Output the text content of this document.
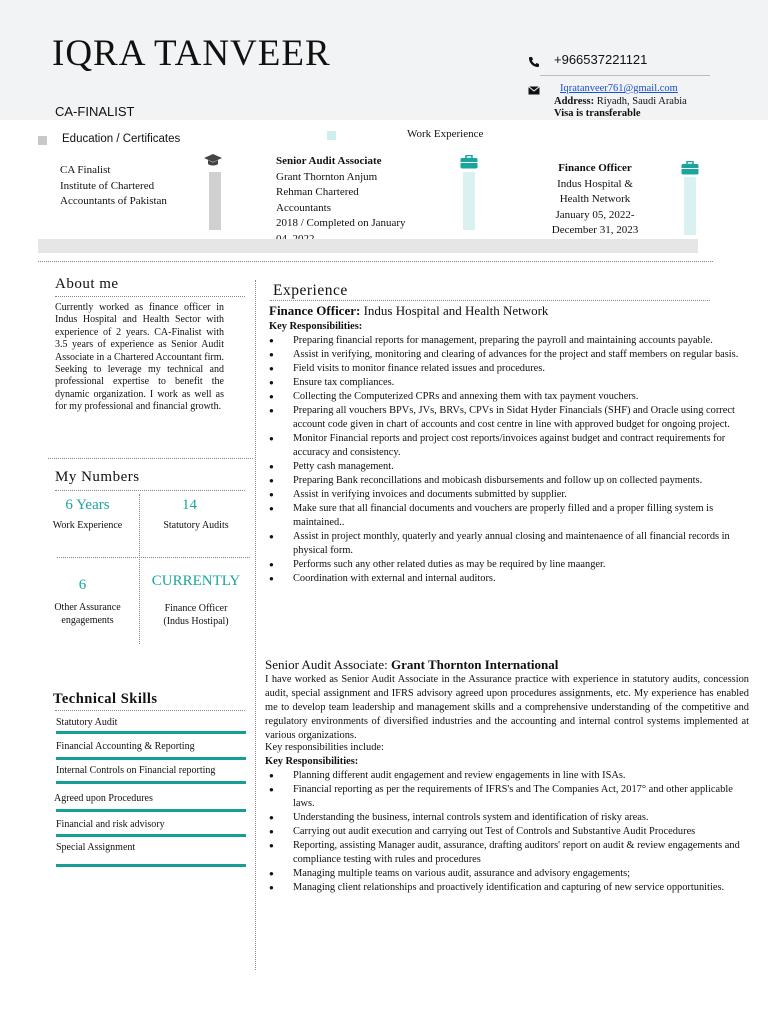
IQRA TANVEER
CA-FINALIST
+966537221121
Iqratanveer761@gmail.com
Address: Riyadh, Saudi Arabia
Visa is transferable
Education / Certificates	Work Experience
CA Finalist
Institute of Chartered
Accountants of Pakistan
Senior Audit Associate
Grant Thornton Anjum
Rehman Chartered
Accountants
2018 / Completed on January
Finance Officer
Indus Hospital &
Health Network
January 05, 2022-
December 31, 2023
About me
Currently worked as finance officer in Indus Hospital and Health Sector with experience of 2 years. CA-Finalist with 3.5 years of experience as Senior Audit Associate in a Chartered Accountant firm. Seeking to leverage my technical and professional expertise to benefit the dynamic organization. I work as well as for my professional and financial growth.
My Numbers
6 Years
Work Experience
14
Statutory Audits
6
Other Assurance
engagements
CURRENTLY
Finance Officer
(Indus Hostipal)
Technical Skills
Statutory Audit
Financial Accounting & Reporting
Internal Controls on Financial reporting
Agreed upon Procedures
Financial and risk advisory
Special Assignment
Experience
Finance Officer: Indus Hospital and Health Network
Key Responsibilities:
● Preparing financial reports for management, preparing the payroll and maintaining accounts payable.
● Assist in verifying, monitoring and clearing of advances for the project and staff members on regular basis.
● Field visits to monitor finance related issues and procedures.
● Ensure tax compliances.
● Collecting the Computerized CPRs and annexing them with tax payment vouchers.
● Preparing all vouchers BPVs, JVs, BRVs, CPVs in Sidat Hyder Financials (SHF) and Oracle using correct account code given in chart of accounts and cost centre in line with approved budget for ongoing project.
● Monitor Financial reports and project cost reports/invoices against budget and contract requirements for accuracy and consistency.
● Petty cash management.
● Preparing Bank reconcillations and mobicash disbursements and follow up on collected payments.
● Assist in verifying invoices and documents submitted by supplier.
● Make sure that all financial documents and vouchers are properly filled and a proper filling system is maintained..
● Assist in project monthly, quaterly and yearly annual closing and maintenaence of all financial records in physical form.
● Performs such any other related duties as may be required by line maanger.
● Coordination with external and internal auditors.
Senior Audit Associate: Grant Thornton International
I have worked as Senior Audit Associate in the Assurance practice with experience in statutory audits, concession audit, special assignment and IFRS advisory agreed upon procedures assignments, etc. My experience has enabled me to develop team leadership and management skills and a comprehensive understanding of the competitive and regulatory environments of diversified industries and the accounting and internal control systems implemented at various organizations.
Key responsibilities include:
Key Responsibilities:
● Planning different audit engagement and review engagements in line with ISAs.
● Financial reporting as per the requirements of IFRS's and The Companies Act, 2017° and other applicable laws.
● Understanding the business, internal controls system and identification of risky areas.
● Carrying out audit execution and carrying out Test of Controls and Substantive Audit Procedures
● Reporting, assisting Manager audit, assurance, drafting auditors' report on audit & review engagements and compliance testing with rules and procedures
● Managing multiple teams on various audit, assurance and advisory engagements;
● Managing client relationships and proactively identification and capturing of new service opportunities.
